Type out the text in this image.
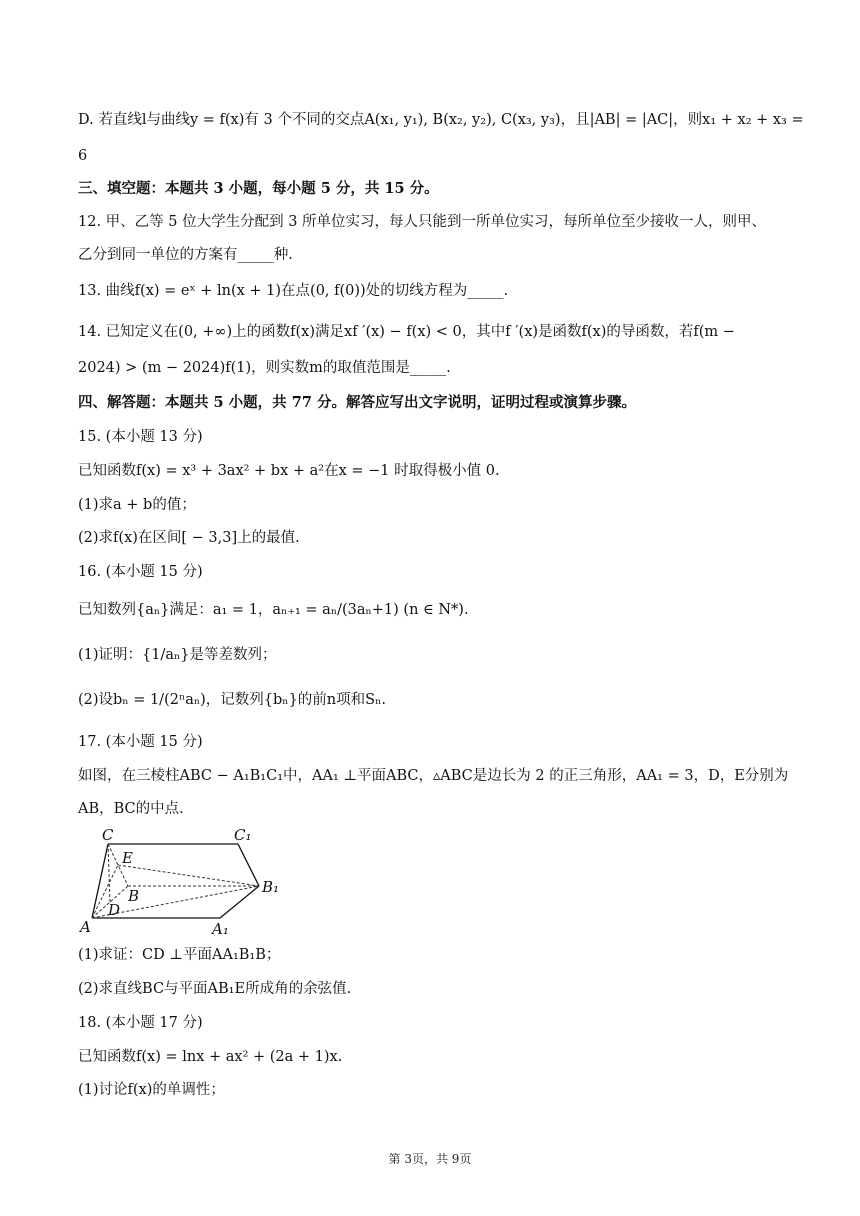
D. 若直线l与曲线y = f(x)有 3 个不同的交点A(x₁, y₁), B(x₂, y₂), C(x₃, y₃)，且|AB| = |AC|，则x₁ + x₂ + x₃ =
6
三、填空题：本题共 3 小题，每小题 5 分，共 15 分。
12. 甲、乙等 5 位大学生分配到 3 所单位实习，每人只能到一所单位实习，每所单位至少接收一人，则甲、
乙分到同一单位的方案有_____种.
13. 曲线f(x) = eˣ + ln(x + 1)在点(0, f(0))处的切线方程为_____.
14. 已知定义在(0, +∞)上的函数f(x)满足xf ′(x) − f(x) < 0，其中f ′(x)是函数f(x)的导函数，若f(m −
2024) > (m − 2024)f(1)，则实数m的取值范围是_____.
四、解答题：本题共 5 小题，共 77 分。解答应写出文字说明，证明过程或演算步骤。
15. (本小题 13 分)
已知函数f(x) = x³ + 3ax² + bx + a²在x = −1 时取得极小值 0.
(1)求a + b的值；
(2)求f(x)在区间[ − 3,3]上的最值.
16. (本小题 15 分)
已知数列{aₙ}满足：a₁ = 1，aₙ₊₁ = aₙ/(3aₙ+1) (n ∈ N*).
(1)证明：{1/aₙ}是等差数列；
(2)设bₙ = 1/(2ⁿaₙ)，记数列{bₙ}的前n项和Sₙ.
17. (本小题 15 分)
如图，在三棱柱ABC − A₁B₁C₁中，AA₁ ⊥平面ABC，▵ABC是边长为 2 的正三角形，AA₁ = 3，D，E分别为
AB，BC的中点.
C	C₁
E
B	B₁
D
A	A₁
(1)求证：CD ⊥平面AA₁B₁B；
(2)求直线BC与平面AB₁E所成角的余弦值.
18. (本小题 17 分)
已知函数f(x) = lnx + ax² + (2a + 1)x.
(1)讨论f(x)的单调性；
第 3页，共 9页
